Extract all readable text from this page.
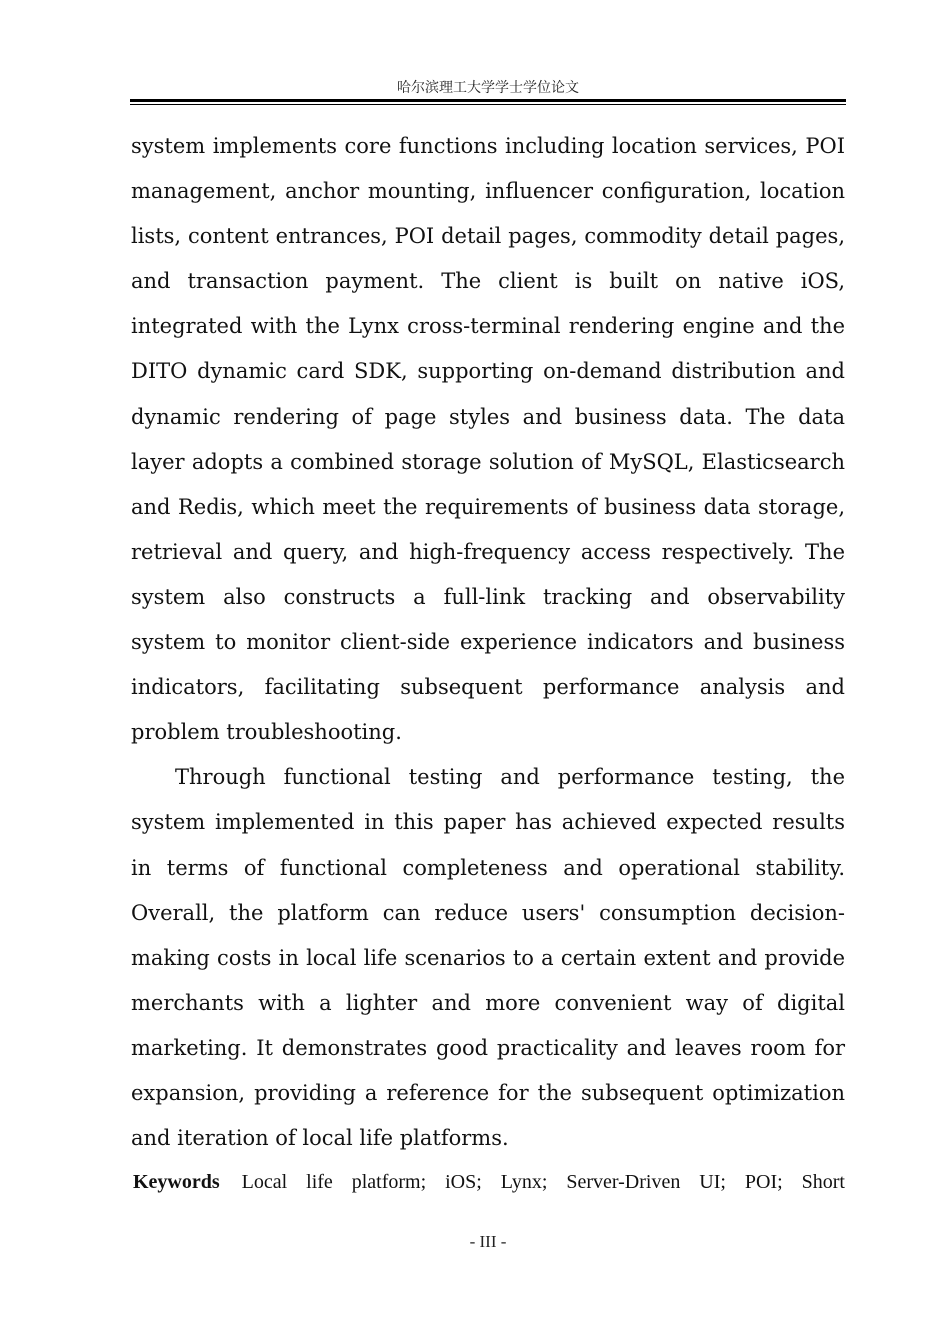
哈尔滨理工大学学士学位论文

system implements core functions including location services, POI management, anchor mounting, influencer configuration, location lists, content entrances, POI detail pages, commodity detail pages, and transaction payment. The client is built on native iOS, integrated with the Lynx cross-terminal rendering engine and the DITO dynamic card SDK, supporting on-demand distribution and dynamic rendering of page styles and business data. The data layer adopts a combined storage solution of MySQL, Elasticsearch and Redis, which meet the requirements of business data storage, retrieval and query, and high-frequency access respectively. The system also constructs a full-link tracking and observability system to monitor client-side experience indicators and business indicators, facilitating subsequent performance analysis and problem troubleshooting.

Through functional testing and performance testing, the system implemented in this paper has achieved expected results in terms of functional completeness and operational stability. Overall, the platform can reduce users' consumption decision-making costs in local life scenarios to a certain extent and provide merchants with a lighter and more convenient way of digital marketing. It demonstrates good practicality and leaves room for expansion, providing a reference for the subsequent optimization and iteration of local life platforms.

Keywords Local life platform; iOS; Lynx; Server-Driven UI; POI; Short
- III -
